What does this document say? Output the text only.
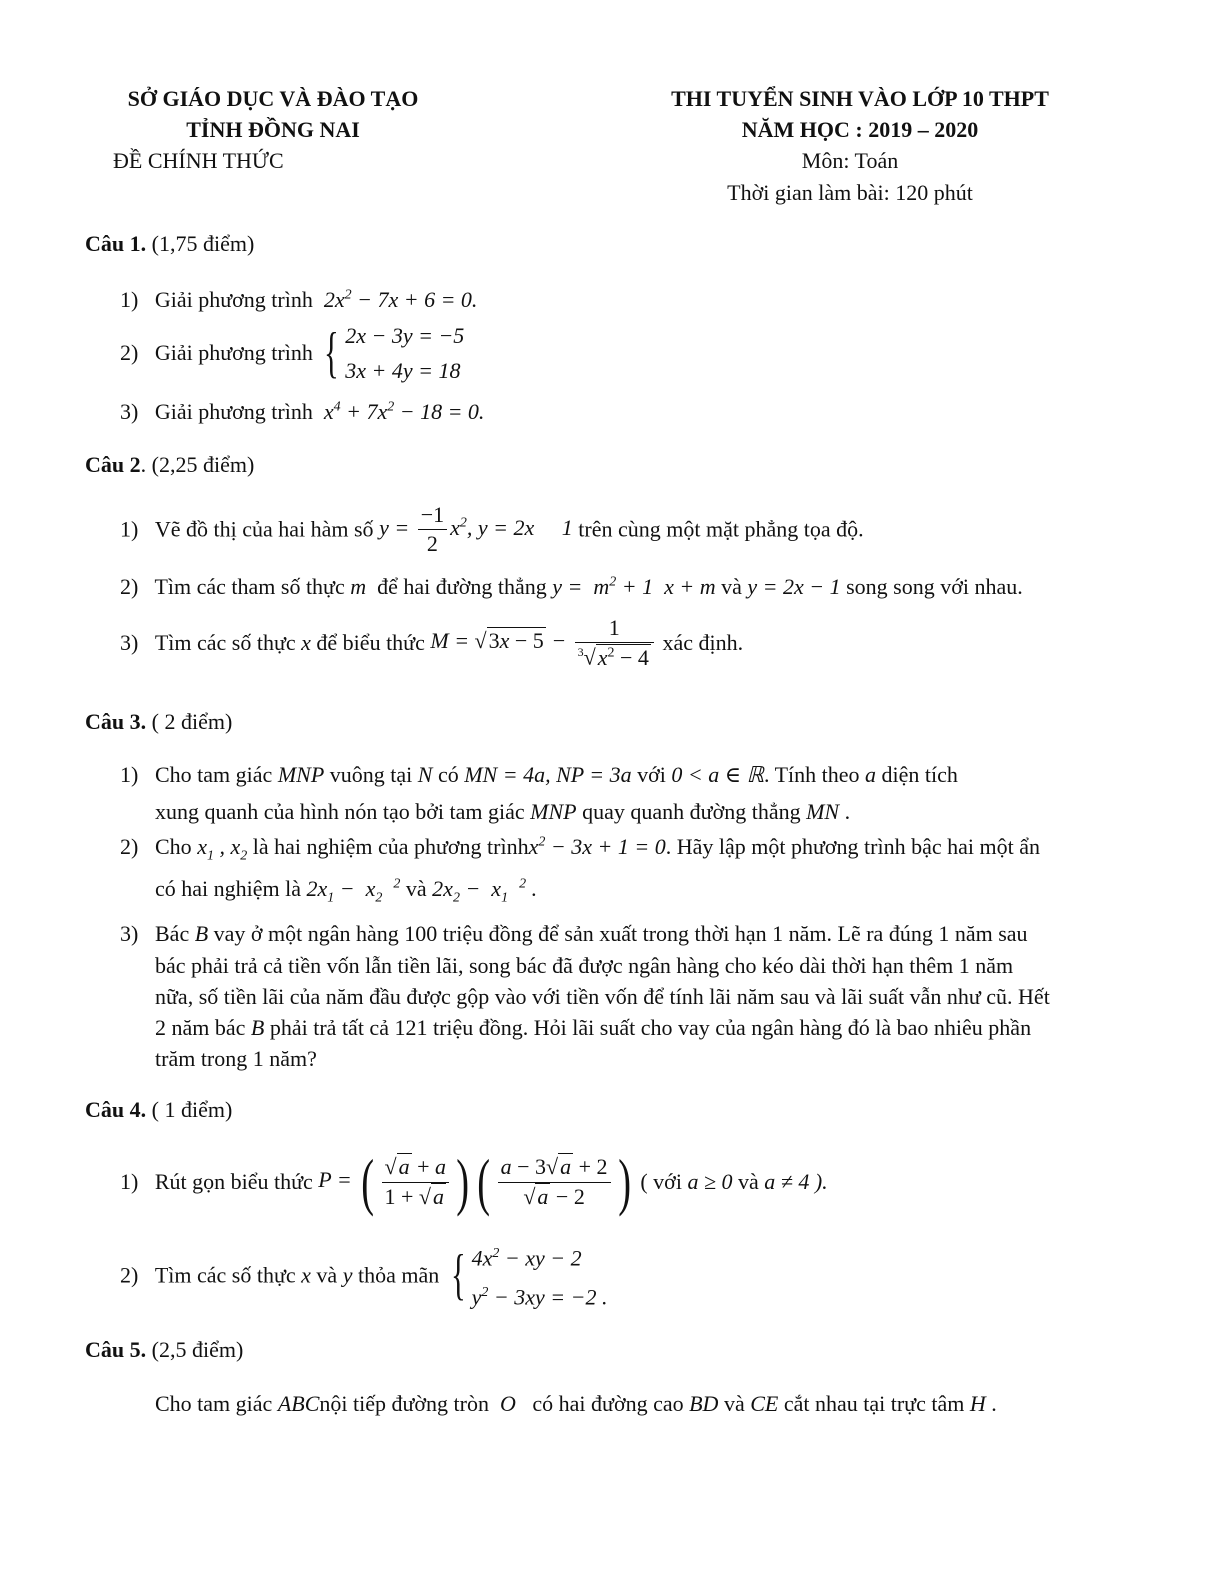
SỞ GIÁO DỤC VÀ ĐÀO TẠO
TỈNH ĐỒNG NAI
ĐỀ CHÍNH THỨC
THI TUYỂN SINH VÀO LỚP 10 THPT
NĂM HỌC : 2019 – 2020
Môn: Toán
Thời gian làm bài: 120 phút
Câu 1. (1,75 điểm)
1) Giải phương trình $2x^2 - 7x + 6 = 0$.
2) Giải phương trình { 2x − 3y = −5
3x + 4y = 18
3) Giải phương trình $x^4 + 7x^2 - 18 = 0$.
Câu 2. (2,25 điểm)
1) Vẽ đồ thị của hai hàm số $y = \frac{-1}{2} x^2$, y = 2x     1 trên cùng một mặt phẳng tọa độ.
2) Tìm các tham số thực m để hai đường thẳng $y = m^2 + 1$  x + m và y = 2x − 1 song song với nhau.
3) Tìm các số thực x để biểu thức $M = √3x - 5 - \frac{1}{^3√x^2 - 4}$ xác định.
Câu 3. ( 2 điểm)
1) Cho tam giác MNP vuông tại N có MN = 4a, NP = 3a với 0 < a ∈ ℝ. Tính theo a diện tích
xung quanh của hình nón tạo bởi tam giác MNP quay quanh đường thẳng MN .
2) Cho $x_1$ , $x_2$ là hai nghiệm của phương trìnhx$^2$ − 3x + 1 = 0. Hãy lập một phương trình bậc hai một ẩn
có hai nghiệm là $2x_1 - x_2$  $^2$ và $2x_2 - x_1$  $^2$ .
3) Bác B vay ở một ngân hàng 100 triệu đồng để sản xuất trong thời hạn 1 năm. Lẽ ra đúng 1 năm sau
bác phải trả cả tiền vốn lẫn tiền lãi, song bác đã được ngân hàng cho kéo dài thời hạn thêm 1 năm
nữa, số tiền lãi của năm đầu được gộp vào với tiền vốn để tính lãi năm sau và lãi suất vẫn như cũ. Hết
2 năm bác B phải trả tất cả 121 triệu đồng. Hỏi lãi suất cho vay của ngân hàng đó là bao nhiêu phần
trăm trong 1 năm?
Câu 4. ( 1 điểm)
1) Rút gọn biểu thức P = ( $\frac{√a + a}{1 + √a}$ ) ( $\frac{a - 3√a + 2}{√a - 2}$ ) ( với a ≥ 0 và a ≠ 4 ).
2) Tìm các số thực x và y thỏa mãn { $4x^2$ − xy − 2
$y^2 - 3xy = -2$ .
Câu 5. (2,5 điểm)
Cho tam giác ABCnội tiếp đường tròn O có hai đường cao BD và CE cắt nhau tại trực tâm H .
